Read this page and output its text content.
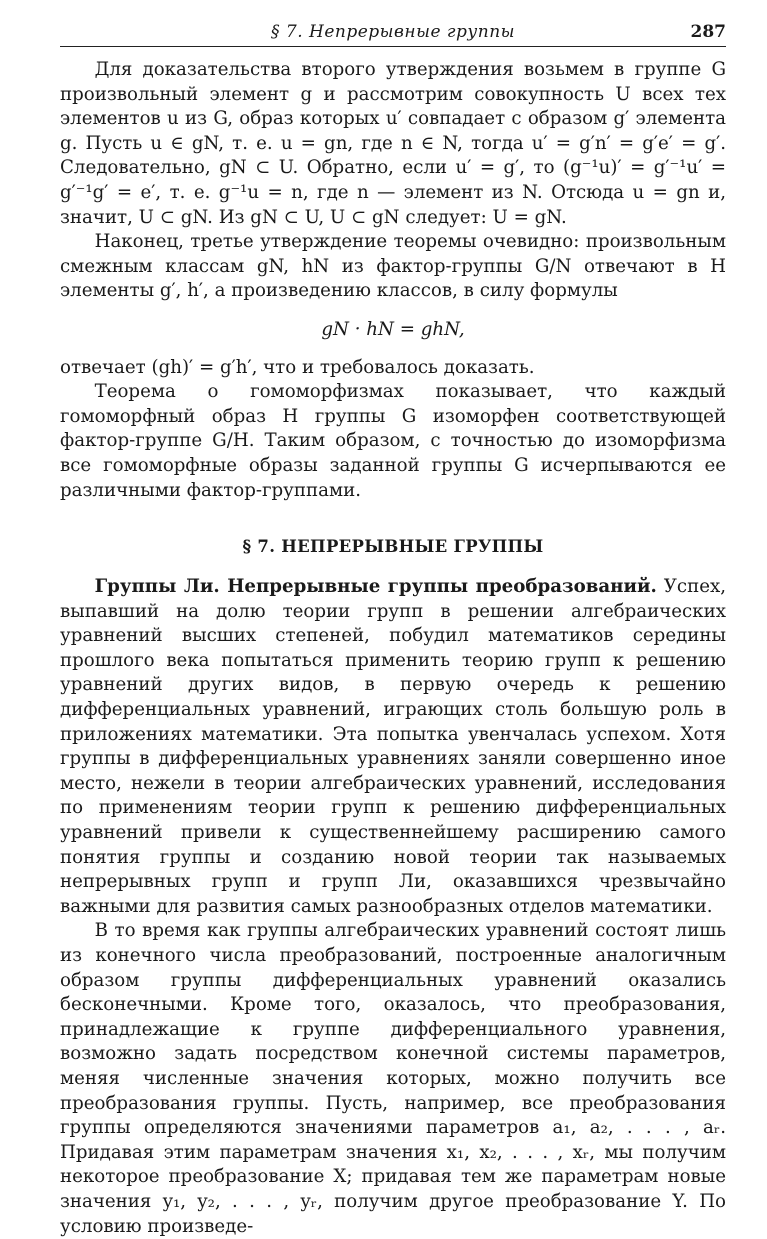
§ 7. Непрерывные группы	287

Для доказательства второго утверждения возьмем в группе G произвольный элемент g и рассмотрим совокупность U всех тех элементов u из G, образ которых u′ совпадает с образом g′ элемента g. Пусть u ∈ gN, т. е. u = gn, где n ∈ N, тогда u′ = g′n′ = g′e′ = g′. Следовательно, gN ⊂ U. Обратно, если u′ = g′, то (g⁻¹u)′ = g′⁻¹u′ = g′⁻¹g′ = e′, т. е. g⁻¹u = n, где n — элемент из N. Отсюда u = gn и, значит, U ⊂ gN. Из gN ⊂ U, U ⊂ gN следует: U = gN.

Наконец, третье утверждение теоремы очевидно: произвольным смежным классам gN, hN из фактор-группы G/N отвечают в H элементы g′, h′, а произведению классов, в силу формулы

gN · hN = ghN,

отвечает (gh)′ = g′h′, что и требовалось доказать.

Теорема о гомоморфизмах показывает, что каждый гомоморфный образ H группы G изоморфен соответствующей фактор-группе G/H. Таким образом, с точностью до изоморфизма все гомоморфные образы заданной группы G исчерпываются ее различными фактор-группами.

§ 7. НЕПРЕРЫВНЫЕ ГРУППЫ

Группы Ли. Непрерывные группы преобразований. Успех, выпавший на долю теории групп в решении алгебраических уравнений высших степеней, побудил математиков середины прошлого века попытаться применить теорию групп к решению уравнений других видов, в первую очередь к решению дифференциальных уравнений, играющих столь большую роль в приложениях математики. Эта попытка увенчалась успехом. Хотя группы в дифференциальных уравнениях заняли совершенно иное место, нежели в теории алгебраических уравнений, исследования по применениям теории групп к решению дифференциальных уравнений привели к существеннейшему расширению самого понятия группы и созданию новой теории так называемых непрерывных групп и групп Ли, оказавшихся чрезвычайно важными для развития самых разнообразных отделов математики.

В то время как группы алгебраических уравнений состоят лишь из конечного числа преобразований, построенные аналогичным образом группы дифференциальных уравнений оказались бесконечными. Кроме того, оказалось, что преобразования, принадлежащие к группе дифференциального уравнения, возможно задать посредством конечной системы параметров, меняя численные значения которых, можно получить все преобразования группы. Пусть, например, все преобразования группы определяются значениями параметров a₁, a₂, . . . , aᵣ. Придавая этим параметрам значения x₁, x₂, . . . , xᵣ, мы получим некоторое преобразование X; придавая тем же параметрам новые значения y₁, y₂, . . . , yᵣ, получим другое преобразование Y. По условию произведе-
